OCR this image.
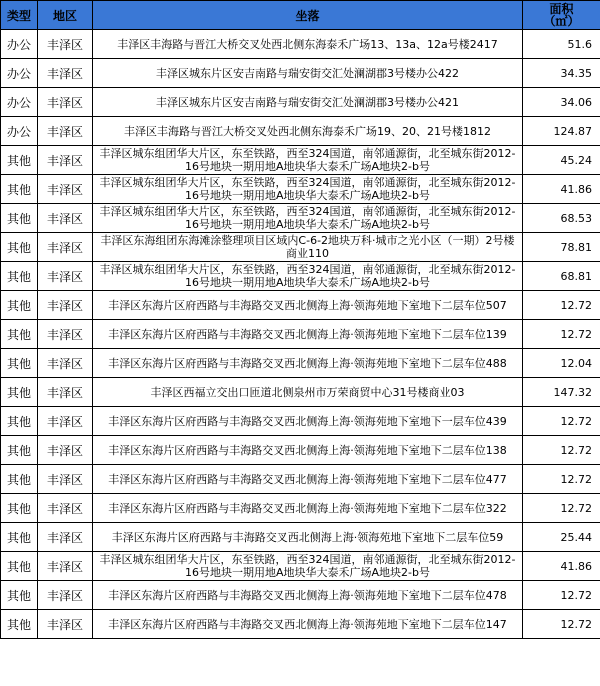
类型	地区	坐落	面积
（㎡）
办公	丰泽区	丰泽区丰海路与晋江大桥交叉处西北侧东海泰禾广场13、13a、12a号楼2417	51.6
办公	丰泽区	丰泽区城东片区安吉南路与瑞安街交汇处澜湖郡3号楼办公422	34.35
办公	丰泽区	丰泽区城东片区安吉南路与瑞安街交汇处澜湖郡3号楼办公421	34.06
办公	丰泽区	丰泽区丰海路与晋江大桥交叉处西北侧东海泰禾广场19、20、21号楼1812	124.87
其他	丰泽区	丰泽区城东组团华大片区，东至铁路，西至324国道，南邻通源街，北至城东街2012-16号地块一期用地A地块华大泰禾广场A地块2-b号	45.24
其他	丰泽区	丰泽区城东组团华大片区，东至铁路，西至324国道，南邻通源街，北至城东街2012-16号地块一期用地A地块华大泰禾广场A地块2-b号	41.86
其他	丰泽区	丰泽区城东组团华大片区，东至铁路，西至324国道，南邻通源街，北至城东街2012-16号地块一期用地A地块华大泰禾广场A地块2-b号	68.53
其他	丰泽区	丰泽区东海组团东海滩涂整理项目区域内C-6-2地块万科·城市之光小区（一期）2号楼商业110	78.81
其他	丰泽区	丰泽区城东组团华大片区，东至铁路，西至324国道，南邻通源街，北至城东街2012-16号地块一期用地A地块华大泰禾广场A地块2-b号	68.81
其他	丰泽区	丰泽区东海片区府西路与丰海路交叉西北侧海上海·领海苑地下室地下二层车位507	12.72
其他	丰泽区	丰泽区东海片区府西路与丰海路交叉西北侧海上海·领海苑地下室地下二层车位139	12.72
其他	丰泽区	丰泽区东海片区府西路与丰海路交叉西北侧海上海·领海苑地下室地下二层车位488	12.04
其他	丰泽区	丰泽区西福立交出口匝道北侧泉州市万荣商贸中心31号楼商业03	147.32
其他	丰泽区	丰泽区东海片区府西路与丰海路交叉西北侧海上海·领海苑地下室地下一层车位439	12.72
其他	丰泽区	丰泽区东海片区府西路与丰海路交叉西北侧海上海·领海苑地下室地下二层车位138	12.72
其他	丰泽区	丰泽区东海片区府西路与丰海路交叉西北侧海上海·领海苑地下室地下二层车位477	12.72
其他	丰泽区	丰泽区东海片区府西路与丰海路交叉西北侧海上海·领海苑地下室地下二层车位322	12.72
其他	丰泽区	丰泽区东海片区府西路与丰海路交叉西北侧海上海·领海苑地下室地下二层车位59	25.44
其他	丰泽区	丰泽区城东组团华大片区，东至铁路，西至324国道，南邻通源街，北至城东街2012-16号地块一期用地A地块华大泰禾广场A地块2-b号	41.86
其他	丰泽区	丰泽区东海片区府西路与丰海路交叉西北侧海上海·领海苑地下室地下二层车位478	12.72
其他	丰泽区	丰泽区东海片区府西路与丰海路交叉西北侧海上海·领海苑地下室地下二层车位147	12.72
